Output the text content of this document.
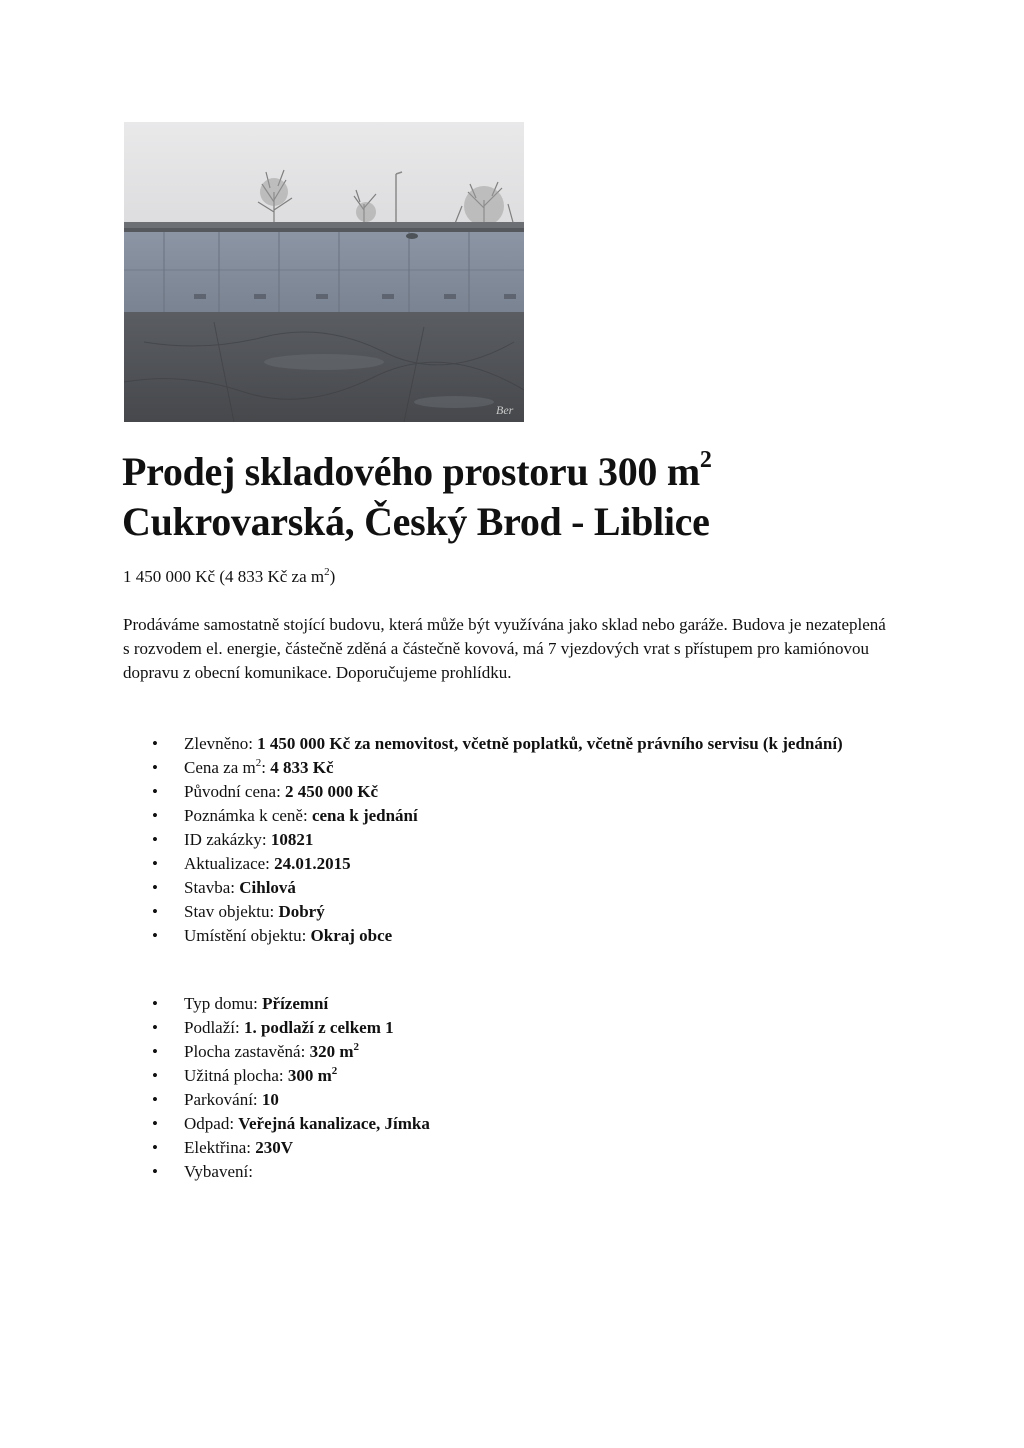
Ber
Prodej skladového prostoru 300 $m^2$
Cukrovarská, Český Brod - Liblice
1 450 000 Kč (4 833 Kč za $m^2$)

Prodáváme samostatně stojící budovu, která může být využívána jako sklad nebo garáže. Budova je nezateplená s rozvodem el. energie, částečně zděná a částečně kovová, má 7 vjezdových vrat s přístupem pro kamiónovou dopravu z obecní komunikace. Doporučujeme prohlídku.

• Zlevněno: 1 450 000 Kč za nemovitost, včetně poplatků, včetně právního servisu (k jednání)
• Cena za $m^2$: 4 833 Kč
• Původní cena: 2 450 000 Kč
• Poznámka k ceně: cena k jednání
• ID zakázky: 10821
• Aktualizace: 24.01.2015
• Stavba: Cihlová
• Stav objektu: Dobrý
• Umístění objektu: Okraj obce
• Typ domu: Přízemní
• Podlaží: 1. podlaží z celkem 1
• Plocha zastavěná: 320 $m^2$
• Užitná plocha: 300 $m^2$
• Parkování: 10
• Odpad: Veřejná kanalizace, Jímka
• Elektřina: 230V
• Vybavení:
